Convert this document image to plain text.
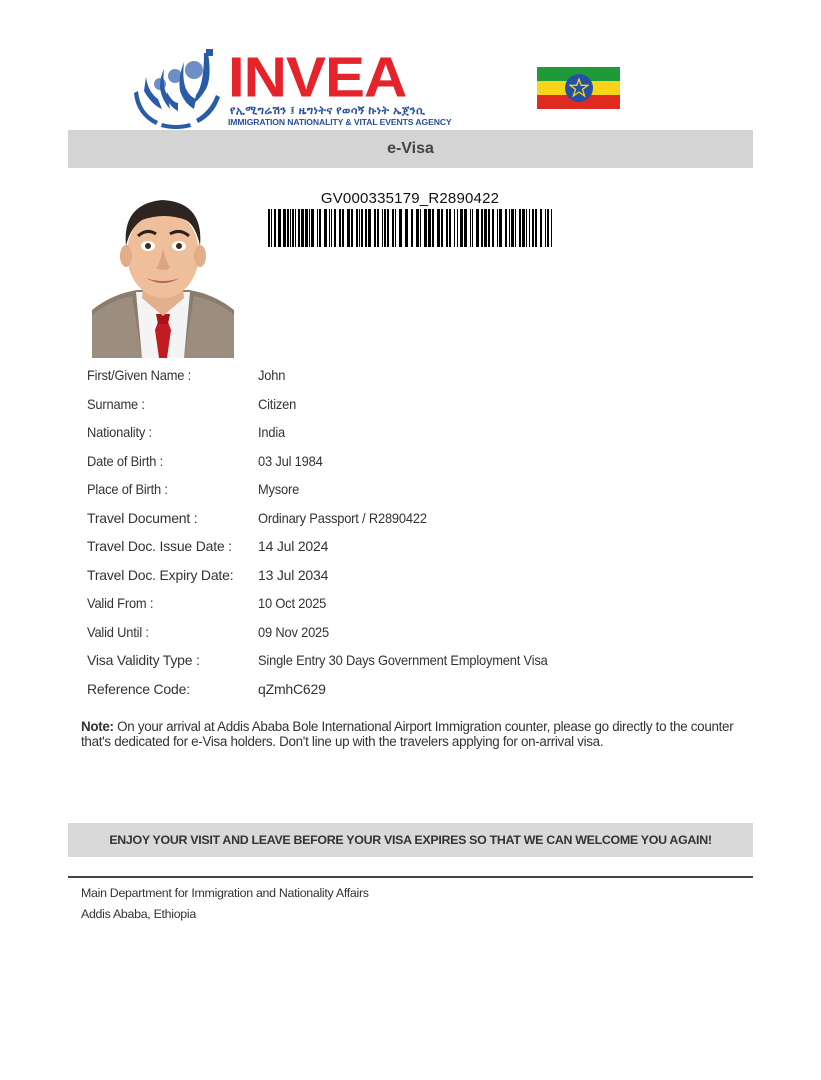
INVEA
የኢሚግሬሽን ፤ ዜግነትና የወሳኝ ኩነት ኤጀንሲ
IMMIGRATION NATIONALITY & VITAL EVENTS AGENCY
e-Visa
GV000335179_R2890422
First/Given Name :	John
Surname :	Citizen
Nationality :	India
Date of Birth :	03 Jul 1984
Place of Birth :	Mysore
Travel Document :	Ordinary Passport / R2890422
Travel Doc. Issue Date : 14 Jul 2024
Travel Doc. Expiry Date: 13 Jul 2034
Valid From :	10 Oct 2025
Valid Until :	09 Nov 2025
Visa Validity Type :	Single Entry 30 Days Government Employment Visa
Reference Code:	qZmhC629
Note: On your arrival at Addis Ababa Bole International Airport Immigration counter, please go directly to the counter that's dedicated for e-Visa holders. Don't line up with the travelers applying for on-arrival visa.
ENJOY YOUR VISIT AND LEAVE BEFORE YOUR VISA EXPIRES SO THAT WE CAN WELCOME YOU AGAIN!
Main Department for Immigration and Nationality Affairs
Addis Ababa, Ethiopia
